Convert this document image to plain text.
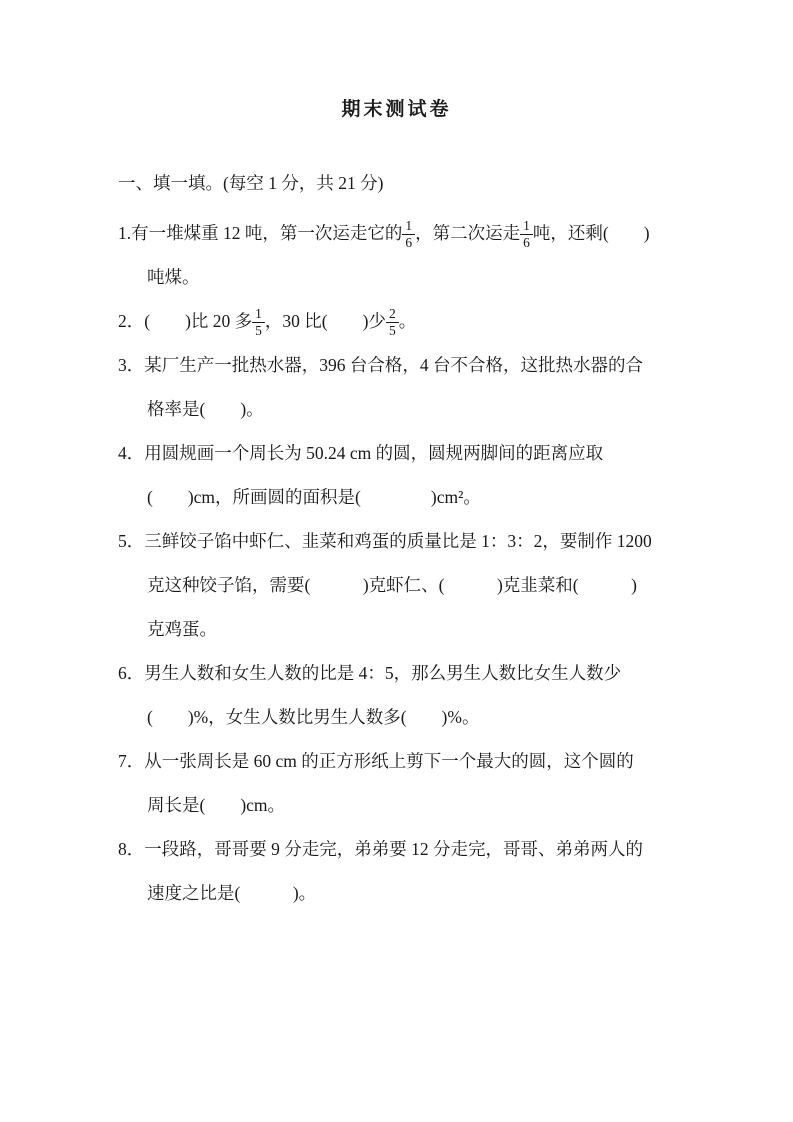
期末测试卷
一、填一填。(每空 1 分，共 21 分)
1.有一堆煤重 12 吨，第一次运走它的 $\frac{1}{6}$ ，第二次运走 $\frac{1}{6}$ 吨，还剩(　　)
吨煤。
2．(　　)比 20 多 $\frac{1}{5}$ ，30 比(　　)少 $\frac{2}{5}$ 。
3．某厂生产一批热水器，396 台合格，4 台不合格，这批热水器的合
格率是(　　)。
4．用圆规画一个周长为 50.24 cm 的圆，圆规两脚间的距离应取
(　　)cm，所画圆的面积是(　　　　)cm²。
5．三鲜饺子馅中虾仁、韭菜和鸡蛋的质量比是 1：3：2，要制作 1200
克这种饺子馅，需要(　　　)克虾仁、(　　　)克韭菜和(　　　)
克鸡蛋。
6．男生人数和女生人数的比是 4：5，那么男生人数比女生人数少
(　　)%，女生人数比男生人数多(　　)%。
7．从一张周长是 60 cm 的正方形纸上剪下一个最大的圆，这个圆的
周长是(　　)cm。
8．一段路，哥哥要 9 分走完，弟弟要 12 分走完，哥哥、弟弟两人的
速度之比是(　　　)。
